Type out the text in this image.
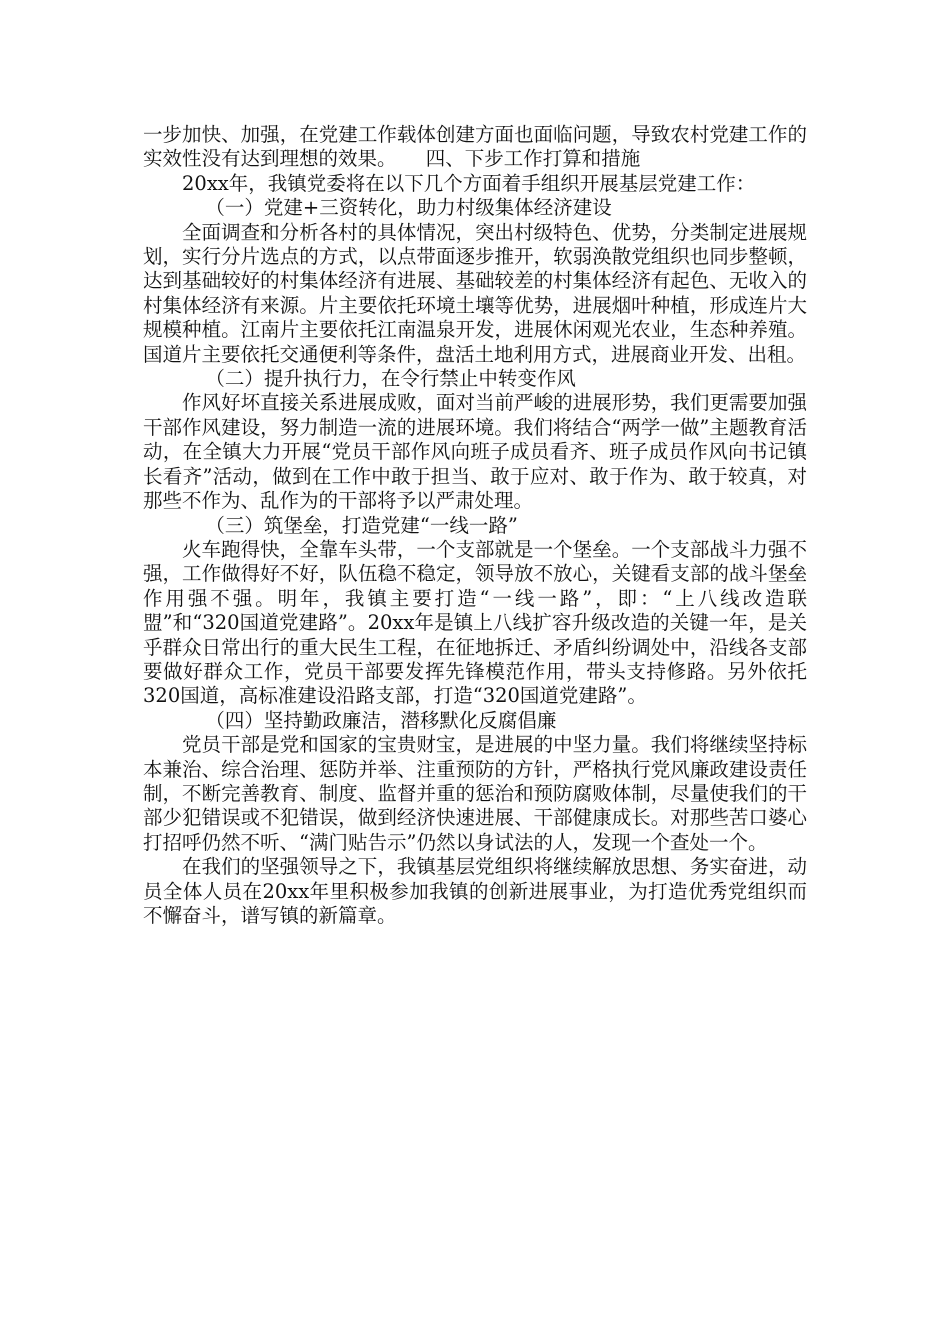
一步加快、加强，在党建工作载体创建方面也面临问题，导致农村党建工作的实效性没有达到理想的效果。　　四、下步工作打算和措施

20xx年，我镇党委将在以下几个方面着手组织开展基层党建工作：

（一）党建+三资转化，助力村级集体经济建设

全面调查和分析各村的具体情况，突出村级特色、优势，分类制定进展规划，实行分片选点的方式，以点带面逐步推开，软弱涣散党组织也同步整顿，达到基础较好的村集体经济有进展、基础较差的村集体经济有起色、无收入的村集体经济有来源。片主要依托环境土壤等优势，进展烟叶种植，形成连片大规模种植。江南片主要依托江南温泉开发，进展休闲观光农业，生态种养殖。国道片主要依托交通便利等条件，盘活土地利用方式，进展商业开发、出租。

（二）提升执行力，在令行禁止中转变作风

作风好坏直接关系进展成败，面对当前严峻的进展形势，我们更需要加强干部作风建设，努力制造一流的进展环境。我们将结合“两学一做”主题教育活动，在全镇大力开展“党员干部作风向班子成员看齐、班子成员作风向书记镇长看齐”活动，做到在工作中敢于担当、敢于应对、敢于作为、敢于较真，对那些不作为、乱作为的干部将予以严肃处理。

（三）筑堡垒，打造党建“一线一路”

火车跑得快，全靠车头带，一个支部就是一个堡垒。一个支部战斗力强不强，工作做得好不好，队伍稳不稳定，领导放不放心，关键看支部的战斗堡垒作用强不强。明年，我镇主要打造“一线一路”，即：“上八线改造联盟”和“320国道党建路”。20xx年是镇上八线扩容升级改造的关键一年，是关乎群众日常出行的重大民生工程，在征地拆迁、矛盾纠纷调处中，沿线各支部要做好群众工作，党员干部要发挥先锋模范作用，带头支持修路。另外依托320国道，高标准建设沿路支部，打造“320国道党建路”。

（四）坚持勤政廉洁，潜移默化反腐倡廉

党员干部是党和国家的宝贵财宝，是进展的中坚力量。我们将继续坚持标本兼治、综合治理、惩防并举、注重预防的方针，严格执行党风廉政建设责任制，不断完善教育、制度、监督并重的惩治和预防腐败体制，尽量使我们的干部少犯错误或不犯错误，做到经济快速进展、干部健康成长。对那些苦口婆心打招呼仍然不听、“满门贴告示”仍然以身试法的人，发现一个查处一个。

在我们的坚强领导之下，我镇基层党组织将继续解放思想、务实奋进，动员全体人员在20xx年里积极参加我镇的创新进展事业，为打造优秀党组织而不懈奋斗，谱写镇的新篇章。
